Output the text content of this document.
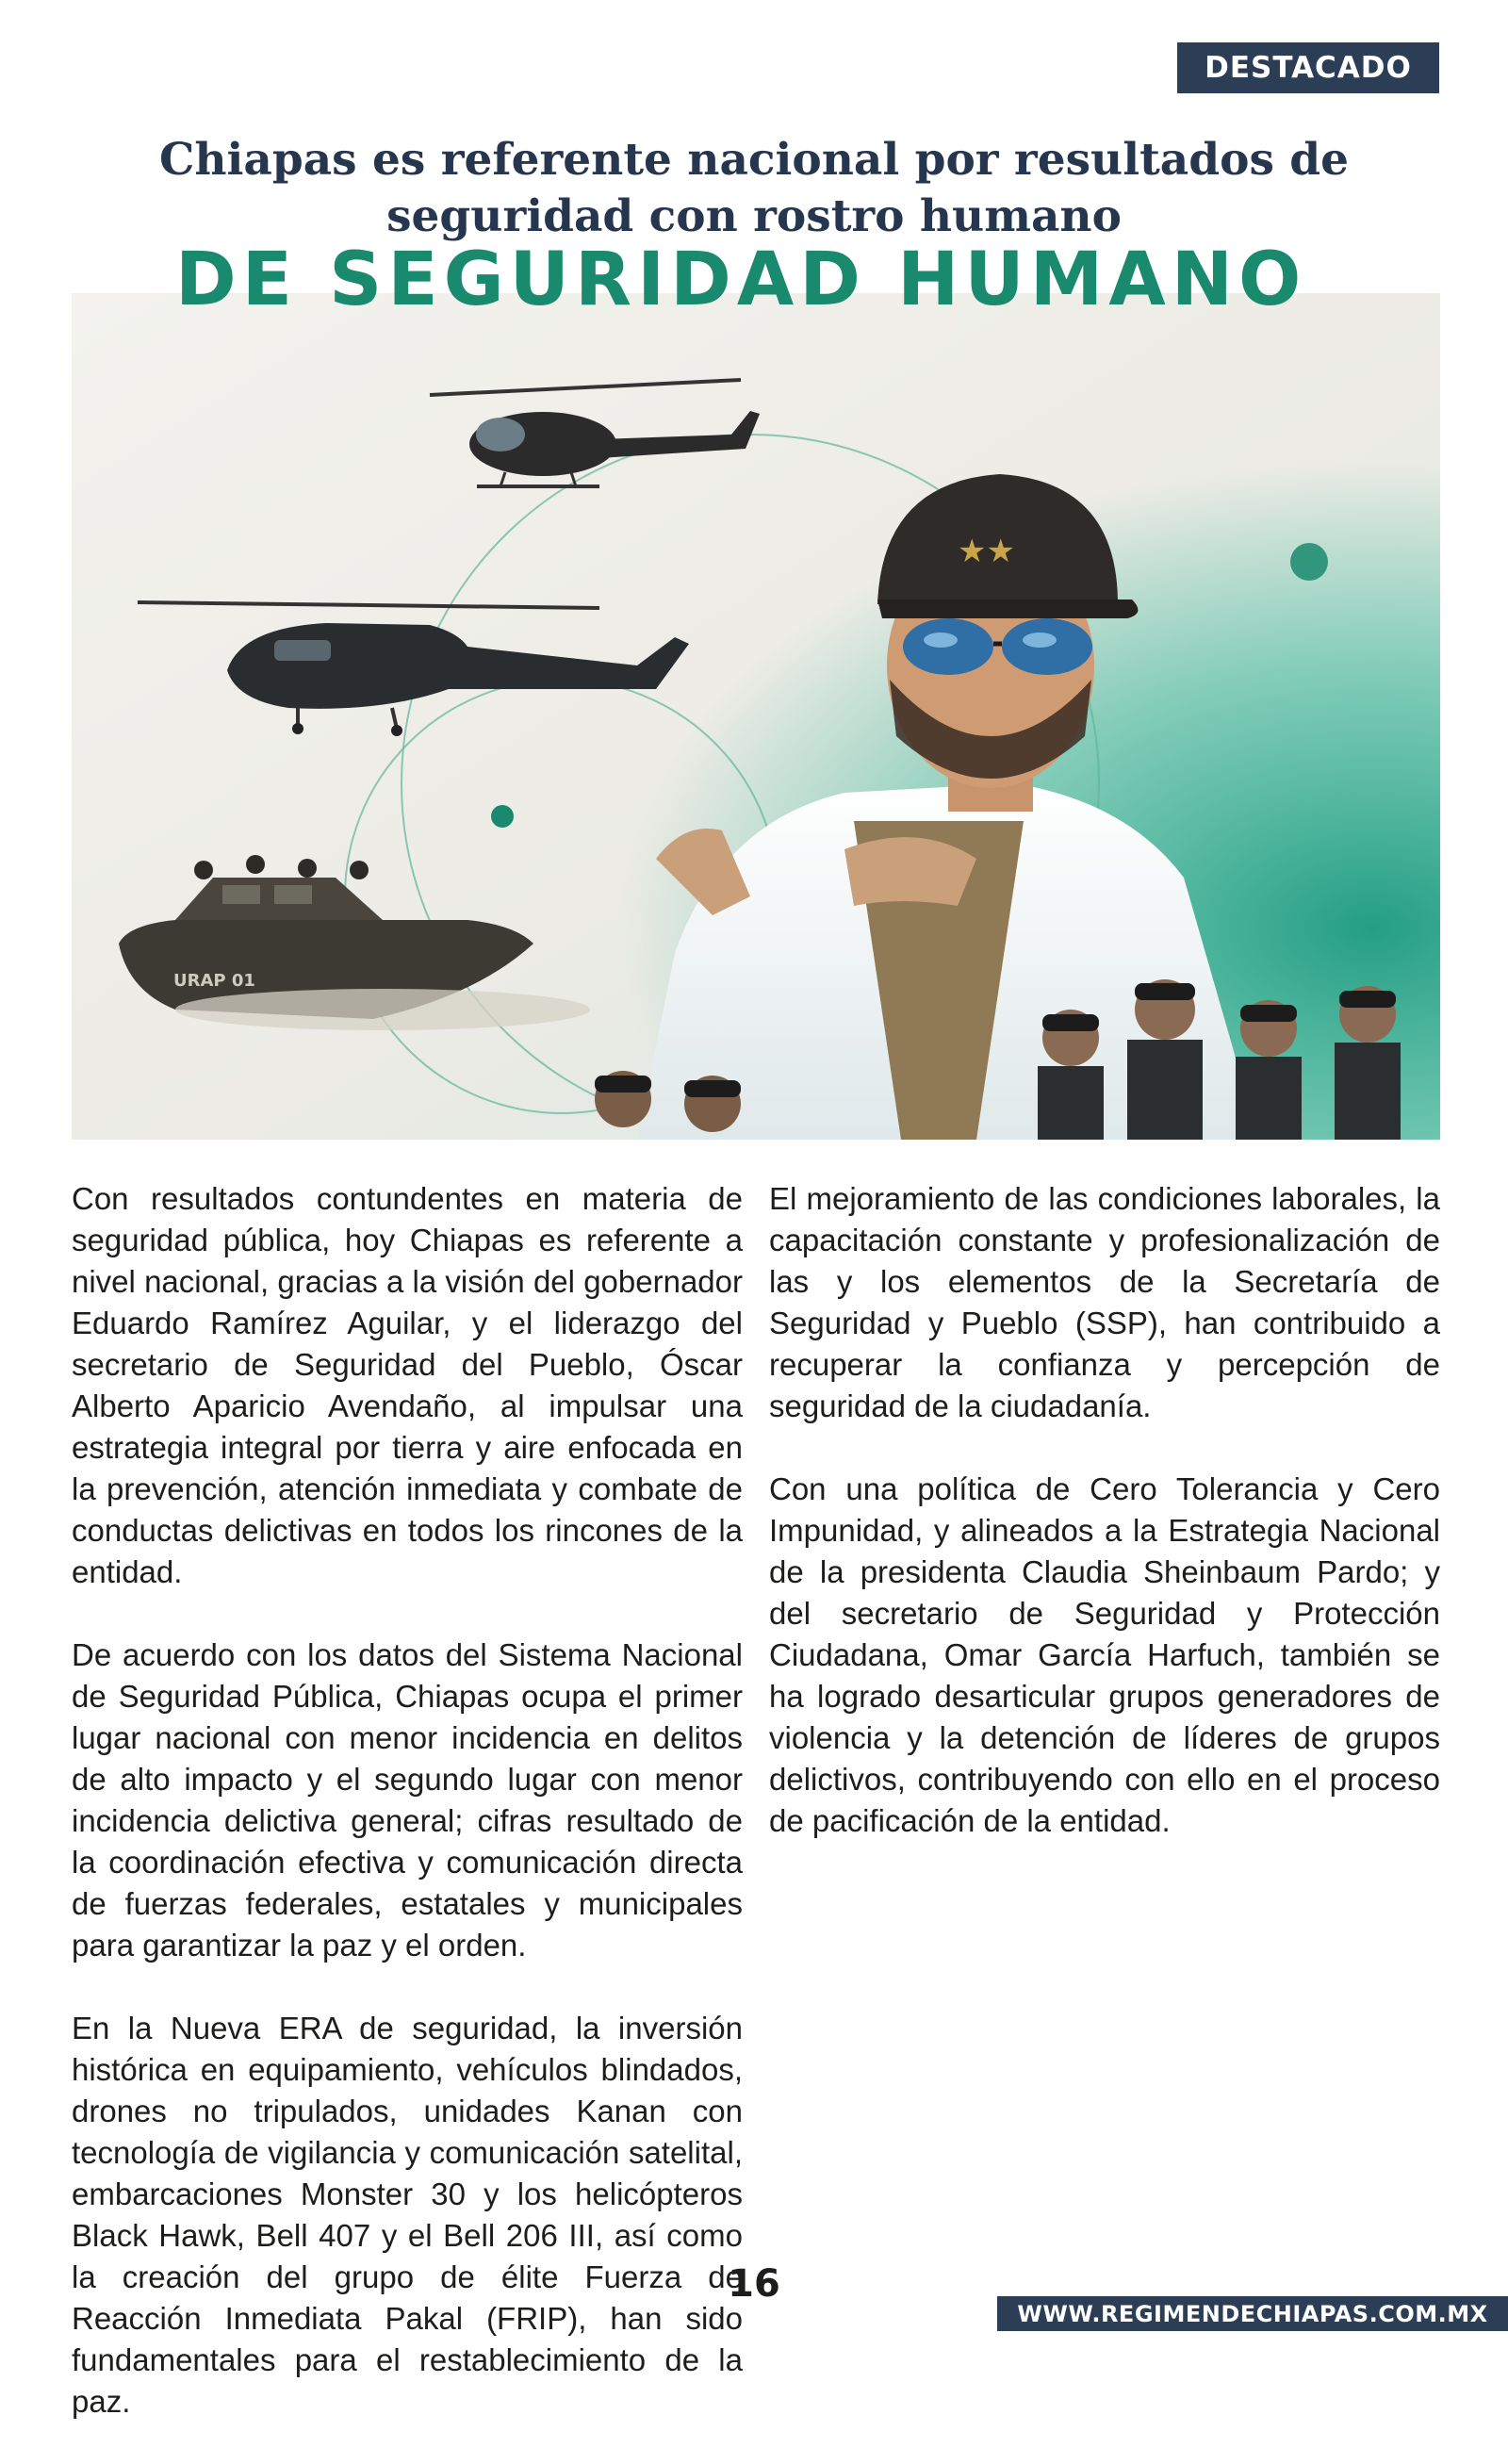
DESTACADO
Chiapas es referente nacional por resultados de seguridad con rostro humano
DE SEGURIDAD HUMANO
URAP 01
★★

Con resultados contundentes en materia de seguridad pública, hoy Chiapas es referente a nivel nacional, gracias a la visión del gobernador Eduardo Ramírez Aguilar, y el liderazgo del secretario de Seguridad del Pueblo, Óscar Alberto Aparicio Avendaño, al impulsar una estrategia integral por tierra y aire enfocada en la prevención, atención inmediata y combate de conductas delictivas en todos los rincones de la entidad.

De acuerdo con los datos del Sistema Nacional de Seguridad Pública, Chiapas ocupa el primer lugar nacional con menor incidencia en delitos de alto impacto y el segundo lugar con menor incidencia delictiva general; cifras resultado de la coordinación efectiva y comunicación directa de fuerzas federales, estatales y municipales para garantizar la paz y el orden.

En la Nueva ERA de seguridad, la inversión histórica en equipamiento, vehículos blindados, drones no tripulados, unidades Kanan con tecnología de vigilancia y comunicación satelital, embarcaciones Monster 30 y los helicópteros Black Hawk, Bell 407 y el Bell 206 III, así como la creación del grupo de élite Fuerza de Reacción Inmediata Pakal (FRIP), han sido fundamentales para el restablecimiento de la paz.

El mejoramiento de las condiciones laborales, la capacitación constante y profesionalización de las y los elementos de la Secretaría de Seguridad y Pueblo (SSP), han contribuido a recuperar la confianza y percepción de seguridad de la ciudadanía.

Con una política de Cero Tolerancia y Cero Impunidad, y alineados a la Estrategia Nacional de la presidenta Claudia Sheinbaum Pardo; y del secretario de Seguridad y Protección Ciudadana, Omar García Harfuch, también se ha logrado desarticular grupos generadores de violencia y la detención de líderes de grupos delictivos, contribuyendo con ello en el proceso de pacificación de la entidad.

16
WWW.REGIMENDECHIAPAS.COM.MX
